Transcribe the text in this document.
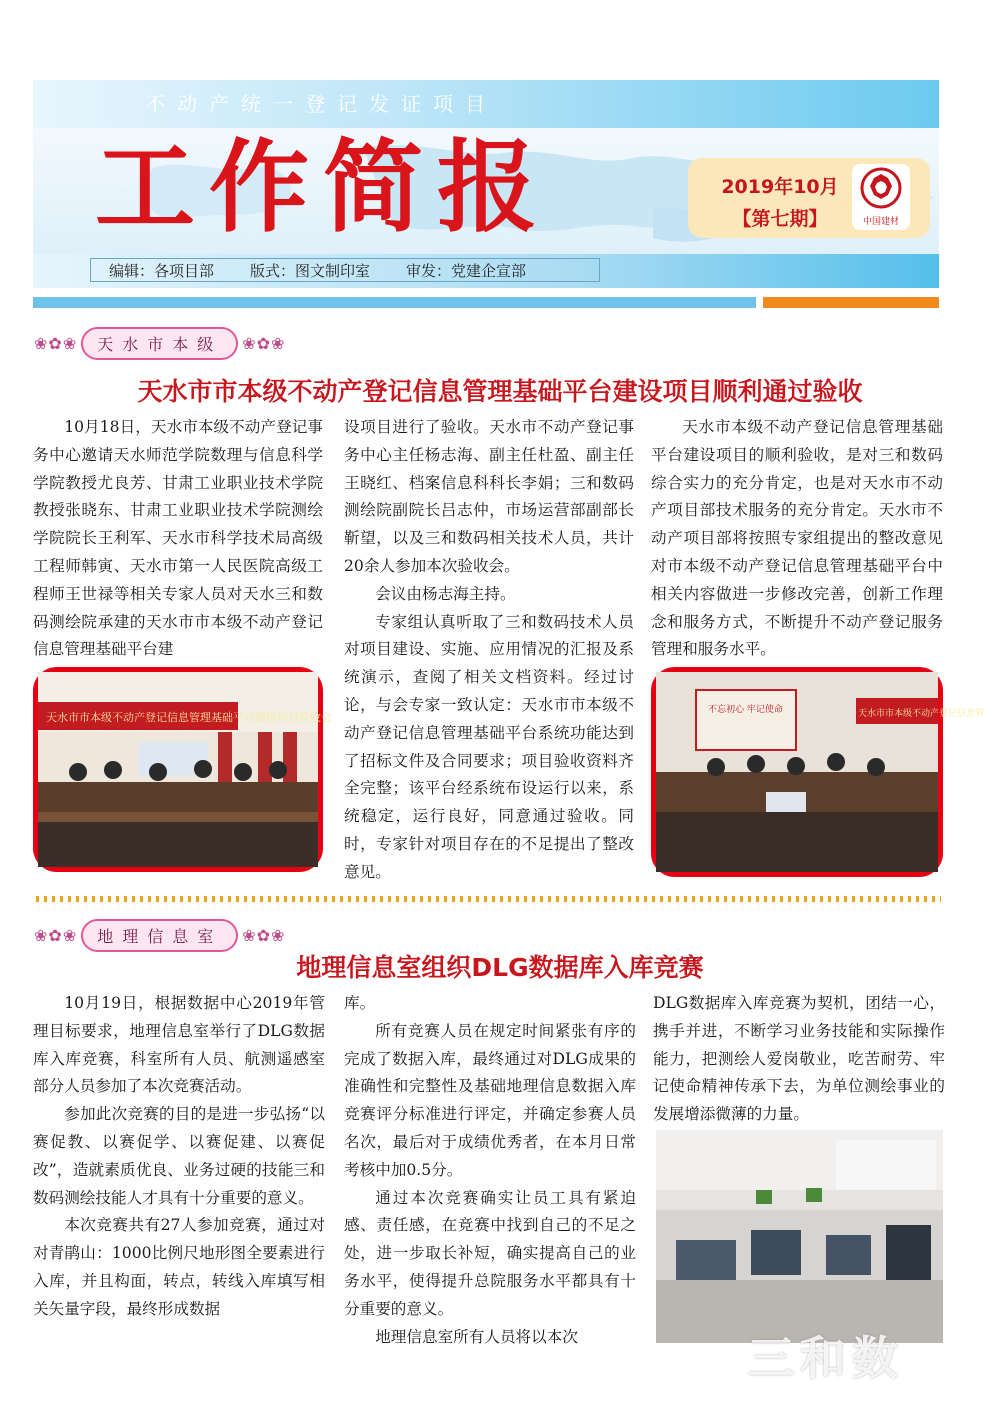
不动产统一登记发证项目
工作简报	2019年10月
【第七期】	中国建材
编辑：各项目部 版式：图文制印室 审发：党建企宣部
❀✿❀	天水市本级	❀✿❀
天水市市本级不动产登记信息管理基础平台建设项目顺利通过验收

10月18日，天水市本级不动产登记事务中心邀请天水师范学院数理与信息科学学院教授尤良芳、甘肃工业职业技术学院教授张晓东、甘肃工业职业技术学院测绘学院院长王利军、天水市科学技术局高级工程师韩寅、天水市第一人民医院高级工程师王世禄等相关专家人员对天水三和数码测绘院承建的天水市市本级不动产登记信息管理基础平台建

设项目进行了验收。天水市不动产登记事务中心主任杨志海、副主任杜盈、副主任王晓红、档案信息科科长李娟；三和数码测绘院副院长吕志仲，市场运营部副部长靳望，以及三和数码相关技术人员，共计20余人参加本次验收会。

会议由杨志海主持。

专家组认真听取了三和数码技术人员对项目建设、实施、应用情况的汇报及系统演示，查阅了相关文档资料。经过讨论，与会专家一致认定：天水市市本级不动产登记信息管理基础平台系统功能达到了招标文件及合同要求；项目验收资料齐全完整；该平台经系统布设运行以来，系统稳定，运行良好，同意通过验收。同时，专家针对项目存在的不足提出了整改意见。

天水市本级不动产登记信息管理基础平台建设项目的顺利验收，是对三和数码综合实力的充分肯定，也是对天水市不动产项目部技术服务的充分肯定。天水市不动产项目部将按照专家组提出的整改意见对市本级不动产登记信息管理基础平台中相关内容做进一步修改完善，创新工作理念和服务方式，不断提升不动产登记服务管理和服务水平。

天水市市本级不动产登记信息管理基础平台建设项目验收会
不忘初心 牢记使命	天水市市本级不动产登记信息管
❀✿❀	地理信息室	❀✿❀
地理信息室组织DLG数据库入库竞赛

10月19日，根据数据中心2019年管理目标要求，地理信息室举行了DLG数据库入库竞赛，科室所有人员、航测遥感室部分人员参加了本次竞赛活动。

参加此次竞赛的目的是进一步弘扬“以赛促教、以赛促学、以赛促建、以赛促改”，造就素质优良、业务过硬的技能三和数码测绘技能人才具有十分重要的意义。

本次竞赛共有27人参加竞赛，通过对对青鹃山：1000比例尺地形图全要素进行入库，并且构面，转点，转线入库填写相关矢量字段，最终形成数据

库。

所有竞赛人员在规定时间紧张有序的完成了数据入库，最终通过对DLG成果的准确性和完整性及基础地理信息数据入库竞赛评分标准进行评定，并确定参赛人员名次，最后对于成绩优秀者，在本月日常考核中加0.5分。

通过本次竞赛确实让员工具有紧迫感、责任感，在竞赛中找到自己的不足之处，进一步取长补短，确实提高自己的业务水平，使得提升总院服务水平都具有十分重要的意义。

地理信息室所有人员将以本次

DLG数据库入库竞赛为契机，团结一心，携手并进，不断学习业务技能和实际操作能力，把测绘人爱岗敬业，吃苦耐劳、牢记使命精神传承下去，为单位测绘事业的发展增添微薄的力量。

三和数
